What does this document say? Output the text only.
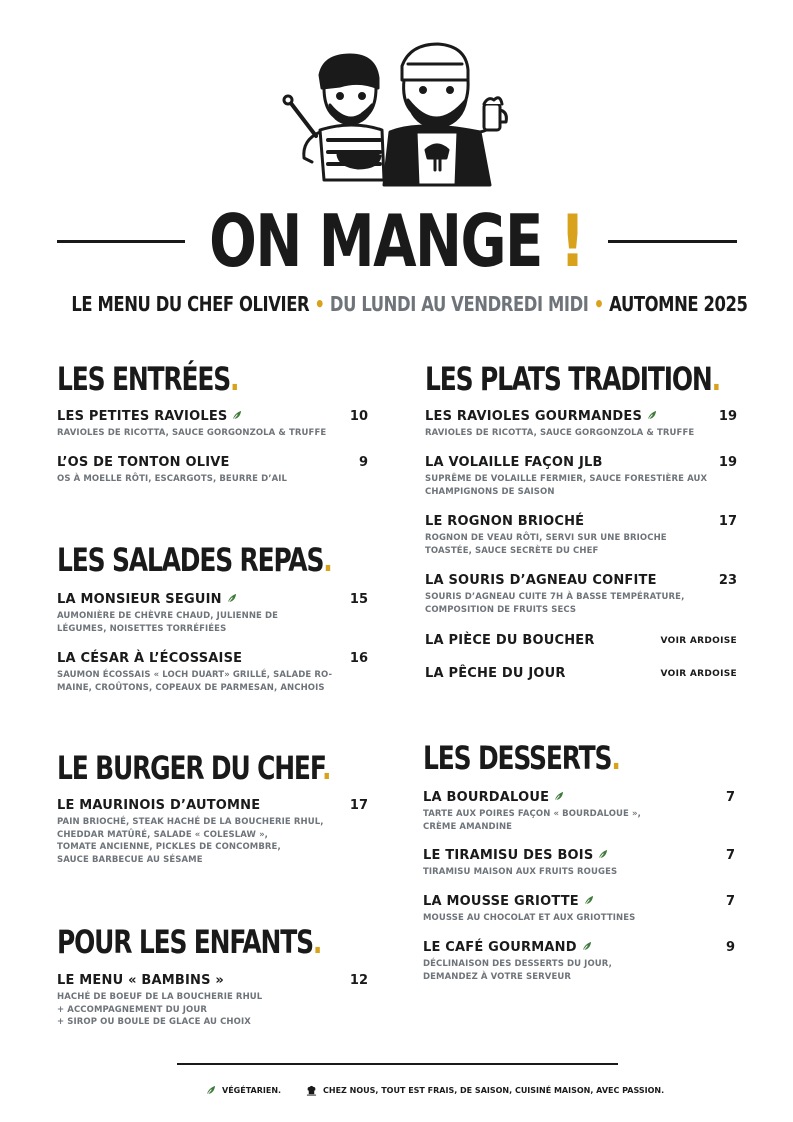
ON MANGE !
LE MENU DU CHEF OLIVIER • DU LUNDI AU VENDREDI MIDI • AUTOMNE 2025
LES ENTRÉES.
LES PETITES RAVIOLES	10
RAVIOLES DE RICOTTA, SAUCE GORGONZOLA & TRUFFE
L’OS DE TONTON OLIVE	9
OS À MOELLE RÔTI, ESCARGOTS, BEURRE D’AIL
LES SALADES REPAS.
LA MONSIEUR SEGUIN	15
AUMONIÈRE DE CHÈVRE CHAUD, JULIENNE DE
LÉGUMES, NOISETTES TORRÉFIÉES
LA CÉSAR À L’ÉCOSSAISE	16
SAUMON ÉCOSSAIS « LOCH DUART» GRILLÉ, SALADE RO-
MAINE, CROÛTONS, COPEAUX DE PARMESAN, ANCHOIS
LE BURGER DU CHEF.
LE MAURINOIS D’AUTOMNE	17
PAIN BRIOCHÉ, STEAK HACHÉ DE LA BOUCHERIE RHUL,
CHEDDAR MATÛRÉ, SALADE « COLESLAW »,
TOMATE ANCIENNE, PICKLES DE CONCOMBRE,
SAUCE BARBECUE AU SÉSAME
POUR LES ENFANTS.
LE MENU « BAMBINS »	12
HACHÉ DE BOEUF DE LA BOUCHERIE RHUL
+ ACCOMPAGNEMENT DU JOUR
+ SIROP OU BOULE DE GLACE AU CHOIX
LES PLATS TRADITION.
LES RAVIOLES GOURMANDES	19
RAVIOLES DE RICOTTA, SAUCE GORGONZOLA & TRUFFE
LA VOLAILLE FAÇON JLB	19
SUPRÊME DE VOLAILLE FERMIER, SAUCE FORESTIÈRE AUX
CHAMPIGNONS DE SAISON
LE ROGNON BRIOCHÉ	17
ROGNON DE VEAU RÔTI, SERVI SUR UNE BRIOCHE
TOASTÉE, SAUCE SECRÈTE DU CHEF
LA SOURIS D’AGNEAU CONFITE	23
SOURIS D’AGNEAU CUITE 7H À BASSE TEMPÉRATURE,
COMPOSITION DE FRUITS SECS
LA PIÈCE DU BOUCHER	VOIR ARDOISE
LA PÊCHE DU JOUR	VOIR ARDOISE
LES DESSERTS.
LA BOURDALOUE	7
TARTE AUX POIRES FAÇON « BOURDALOUE »,
CRÈME AMANDINE
LE TIRAMISU DES BOIS	7
TIRAMISU MAISON AUX FRUITS ROUGES
LA MOUSSE GRIOTTE	7
MOUSSE AU CHOCOLAT ET AUX GRIOTTINES
LE CAFÉ GOURMAND	9
DÉCLINAISON DES DESSERTS DU JOUR,
DEMANDEZ À VOTRE SERVEUR
VÉGÉTARIEN.	CHEZ NOUS, TOUT EST FRAIS, DE SAISON, CUISINÉ MAISON, AVEC PASSION.
